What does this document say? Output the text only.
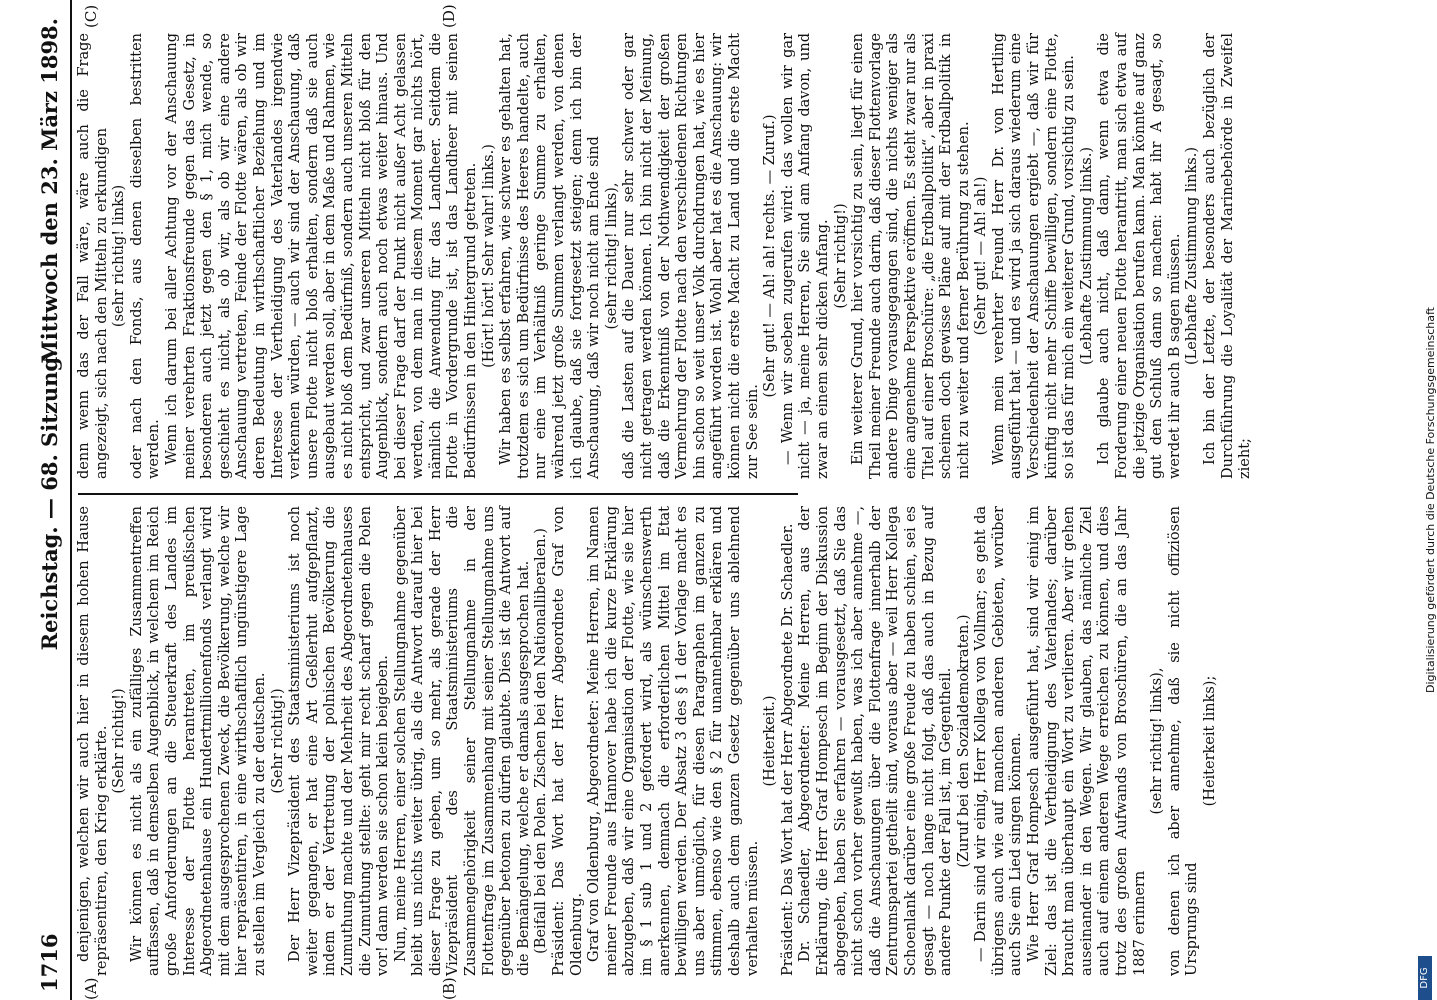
1716
Reichstag. — 68. Sitzung.
Mittwoch den 23. März 1898.
(A)	(B)
(C)	(D)

denjenigen, welchen wir auch hier in diesem hohen Hause repräsentiren, den Krieg erklärte. (Sehr richtig!) Wir können es nicht als ein zufälliges Zusammentreffen auffassen, daß in demselben Augenblick, in welchem im Reich große Anforderungen an die Steuerkraft des Landes im Interesse der Flotte herantreten, im preußischen Abgeordnetenhause ein Hundertmillionenfonds verlangt wird mit dem ausgesprochenen Zweck, die Bevölkerung, welche wir hier repräsentiren, in eine wirthschaftlich ungünstigere Lage zu stellen im Vergleich zu der deutschen. (Sehr richtig!) Der Herr Vizepräsident des Staatsministeriums ist noch weiter gegangen, er hat eine Art Geßlerhut aufgepflanzt, indem er der Vertretung der polnischen Bevölkerung die Zumuthung machte und der Mehrheit des Abgeordnetenhauses die Zumuthung stellte: geht mir recht scharf gegen die Polen vor! dann werden sie schon klein beigeben. Nun, meine Herren, einer solchen Stellungnahme gegenüber bleibt uns nichts weiter übrig, als die Antwort darauf hier bei dieser Frage zu geben, um so mehr, als gerade der Herr Vizepräsident des Staatsministeriums die Zusammengehörigkeit seiner Stellungnahme in der Flottenfrage im Zusammenhang mit seiner Stellungnahme uns gegenüber betonen zu dürfen glaubte. Dies ist die Antwort auf die Bemängelung, welche er damals ausgesprochen hat. (Beifall bei den Polen. Zischen bei den Nationalliberalen.) Präsident: Das Wort hat der Herr Abgeordnete Graf von Oldenburg. Graf von Oldenburg, Abgeordneter: Meine Herren, im Namen meiner Freunde aus Hannover habe ich die kurze Erklärung abzugeben, daß wir eine Organisation der Flotte, wie sie hier im § 1 sub 1 und 2 gefordert wird, als wünschenswerth anerkennen, demnach die erforderlichen Mittel im Etat bewilligen werden. Der Absatz 3 des § 1 der Vorlage macht es uns aber unmöglich, für diesen Paragraphen im ganzen zu stimmen, ebenso wie den § 2 für unannehmbar erklären und deshalb auch dem ganzen Gesetz gegenüber uns ablehnend verhalten müssen.

(Heiterkeit.) Präsident: Das Wort hat der Herr Abgeordnete Dr. Schaedler. Dr. Schaedler, Abgeordneter: Meine Herren, aus der Erklärung, die Herr Graf Hompesch im Beginn der Diskussion abgegeben, haben Sie erfahren — vorausgesetzt, daß Sie das nicht schon vorher gewußt haben, was ich aber annehme —, daß die Anschauungen über die Flottenfrage innerhalb der Zentrumspartei getheilt sind, woraus aber — weil Herr Kollega Schoenlank darüber eine große Freude zu haben schien, sei es gesagt — noch lange nicht folgt, daß das auch in Bezug auf andere Punkte der Fall ist, im Gegentheil. (Zuruf bei den Sozialdemokraten.) — Darin sind wir einig, Herr Kollega von Vollmar; es geht da übrigens auch wie auf manchen anderen Gebieten, worüber auch Sie ein Lied singen können. Wie Herr Graf Hompesch ausgeführt hat, sind wir einig im Ziel: das ist die Vertheidigung des Vaterlandes; darüber braucht man überhaupt ein Wort zu verlieren. Aber wir gehen auseinander in den Wegen. Wir glauben, das nämliche Ziel auch auf einem anderen Wege erreichen zu können, und dies trotz des großen Aufwands von Broschüren, die an das Jahr 1887 erinnern

(sehr richtig! links), von denen ich aber annehme, daß sie nicht offiziösen Ursprungs sind

(Heiterkeit links);

denn wenn das der Fall wäre, wäre auch die Frage angezeigt, sich nach den Mitteln zu erkundigen (sehr richtig! links) oder nach den Fonds, aus denen dieselben bestritten werden. Wenn ich darum bei aller Achtung vor der Anschauung meiner verehrten Fraktionsfreunde gegen das Gesetz, in besonderen auch jetzt gegen den § 1, mich wende, so geschieht es nicht, als ob wir, als ob wir eine andere Anschauung vertreten, Feinde der Flotte wären, als ob wir deren Bedeutung in wirthschaftlicher Beziehung und im Interesse der Vertheidigung des Vaterlandes irgendwie verkennen würden, — auch wir sind der Anschauung, daß unsere Flotte nicht bloß erhalten, sondern daß sie auch ausgebaut werden soll, aber in dem Maße und Rahmen, wie es nicht bloß dem Bedürfniß, sondern auch unseren Mitteln entspricht, und zwar unseren Mitteln nicht bloß für den Augenblick, sondern auch noch etwas weiter hinaus. Und bei dieser Frage darf der Punkt nicht außer Acht gelassen werden, von dem man in diesem Moment gar nichts hört, nämlich die Anwendung für das Landheer. Seitdem die Flotte in Vordergrunde ist, ist das Landheer mit seinen Bedürfnissen in den Hintergrund getreten. (Hört! hört! Sehr wahr! links.) Wir haben es selbst erfahren, wie schwer es gehalten hat, trotzdem es sich um Bedürfnisse des Heeres handelte, auch nur eine im Verhältniß geringe Summe zu erhalten, während jetzt große Summen verlangt werden, von denen ich glaube, daß sie fortgesetzt steigen; denn ich bin der Anschauung, daß wir noch nicht am Ende sind (sehr richtig! links), daß die Lasten auf die Dauer nur sehr schwer oder gar nicht getragen werden können. Ich bin nicht der Meinung, daß die Erkenntniß von der Nothwendigkeit der großen Vermehrung der Flotte nach den verschiedenen Richtungen hin schon so weit unser Volk durchdrungen hat, wie es hier angeführt worden ist. Wohl aber hat es die Anschauung: wir können nicht die erste Macht zu Land und die erste Macht zur See sein.

(Sehr gut! — Ah! ah! rechts. — Zuruf.) — Wenn wir soeben zugerufen wird: das wollen wir gar nicht — ja, meine Herren, Sie sind am Anfang davon, und zwar an einem sehr dicken Anfang. (Sehr richtig!) Ein weiterer Grund, hier vorsichtig zu sein, liegt für einen Theil meiner Freunde auch darin, daß dieser Flottenvorlage andere Dinge vorausgegangen sind, die nichts weniger als eine angenehme Perspektive eröffnen. Es steht zwar nur als Titel auf einer Broschüre: „die Erdballpolitik“, aber in praxi scheinen doch gewisse Pläne auf mit der Erdballpolitik in nicht zu weiter und ferner Berührung zu stehen. (Sehr gut! — Ah! ah!) Wenn mein verehrter Freund Herr Dr. von Hertling ausgeführt hat — und es wird ja sich daraus wiederum eine Verschiedenheit der Anschauungen ergiebt —, daß wir für künftig nicht mehr Schiffe bewilligen, sondern eine Flotte, so ist das für mich ein weiterer Grund, vorsichtig zu sein. (Lebhafte Zustimmung links.) Ich glaube auch nicht, daß dann, wenn etwa die Forderung einer neuen Flotte herantritt, man sich etwa auf die jetzige Organisation berufen kann. Man könnte auf ganz gut den Schluß dann so machen: habt ihr A gesagt, so werdet ihr auch B sagen müssen. (Lebhafte Zustimmung links.) Ich bin der Letzte, der besonders auch bezüglich der Durchführung die Loyalität der Marinebehörde in Zweifel zieht;	Digitalisierung gefördert durch die Deutsche Forschungsgemeinschaft
DFG
